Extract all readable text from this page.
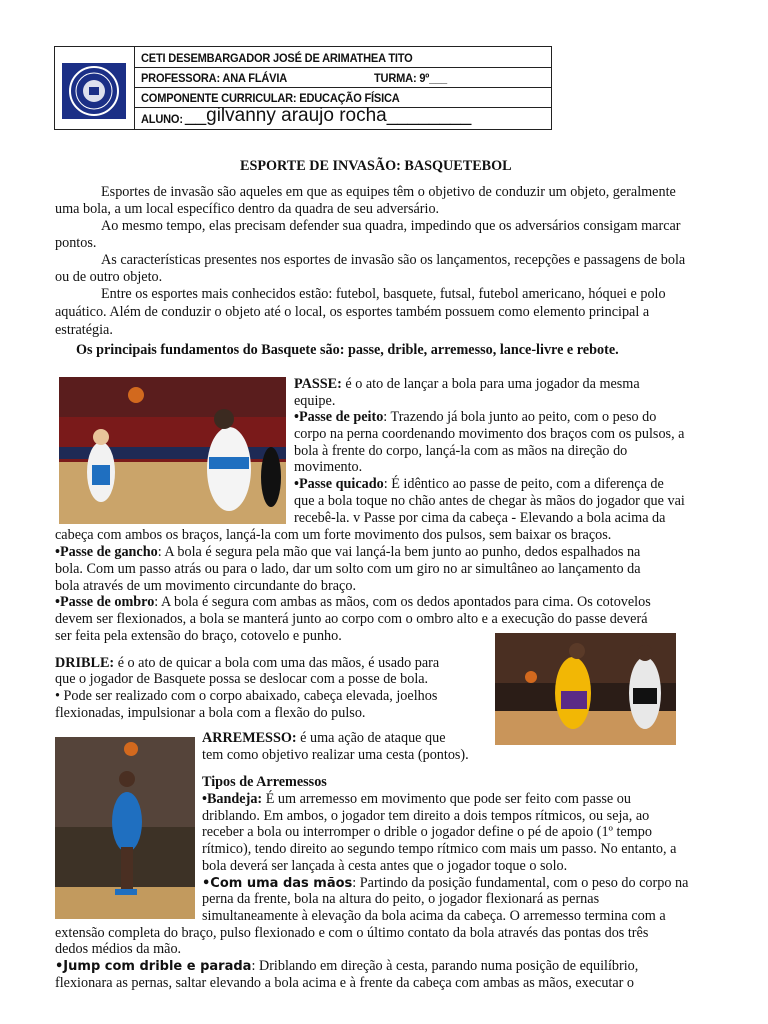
CETI DESEMBARGADOR JOSÉ DE ARIMATHEA TITO
PROFESSORA: ANA FLÁVIA	TURMA: 9º___
COMPONENTE CURRICULAR: EDUCAÇÃO FÍSICA
ALUNO: __gilvanny araujo rocha________
ESPORTE DE INVASÃO: BASQUETEBOL
Esportes de invasão são aqueles em que as equipes têm o objetivo de conduzir um objeto, geralmente
uma bola, a um local específico dentro da quadra de seu adversário.
Ao mesmo tempo, elas precisam defender sua quadra, impedindo que os adversários consigam marcar
pontos.
As características presentes nos esportes de invasão são os lançamentos, recepções e passagens de bola
ou de outro objeto.
Entre os esportes mais conhecidos estão: futebol, basquete, futsal, futebol americano, hóquei e polo
aquático. Além de conduzir o objeto até o local, os esportes também possuem como elemento principal a
estratégia.
Os principais fundamentos do Basquete são: passe, drible, arremesso, lance-livre e rebote.
PASSE: é o ato de lançar a bola para uma jogador da mesma
equipe.
•Passe de peito: Trazendo já bola junto ao peito, com o peso do
corpo na perna coordenando movimento dos braços com os pulsos, a
bola à frente do corpo, lançá-la com as mãos na direção do
movimento.
•Passe quicado: É idêntico ao passe de peito, com a diferença de
que a bola toque no chão antes de chegar às mãos do jogador que vai
recebê-la. v Passe por cima da cabeça - Elevando a bola acima da
cabeça com ambos os braços, lançá-la com um forte movimento dos pulsos, sem baixar os braços.
•Passe de gancho: A bola é segura pela mão que vai lançá-la bem junto ao punho, dedos espalhados na
bola. Com um passo atrás ou para o lado, dar um solto com um giro no ar simultâneo ao lançamento da
bola através de um movimento circundante do braço.
•Passe de ombro: A bola é segura com ambas as mãos, com os dedos apontados para cima. Os cotovelos
devem ser flexionados, a bola se manterá junto ao corpo com o ombro alto e a execução do passe deverá
ser feita pela extensão do braço, cotovelo e punho.
DRIBLE: é o ato de quicar a bola com uma das mãos, é usado para
que o jogador de Basquete possa se deslocar com a posse de bola.
• Pode ser realizado com o corpo abaixado, cabeça elevada, joelhos
flexionadas, impulsionar a bola com a flexão do pulso.
ARREMESSO: é uma ação de ataque que
tem como objetivo realizar uma cesta (pontos).
Tipos de Arremessos
•Bandeja: É um arremesso em movimento que pode ser feito com passe ou
driblando. Em ambos, o jogador tem direito a dois tempos rítmicos, ou seja, ao
receber a bola ou interromper o drible o jogador define o pé de apoio (1º tempo
rítmico), tendo direito ao segundo tempo rítmico com mais um passo. No entanto, a
bola deverá ser lançada à cesta antes que o jogador toque o solo.
•Com uma das mãos: Partindo da posição fundamental, com o peso do corpo na
perna da frente, bola na altura do peito, o jogador flexionará as pernas
simultaneamente à elevação da bola acima da cabeça. O arremesso termina com a
extensão completa do braço, pulso flexionado e com o último contato da bola através das pontas dos três
dedos médios da mão.
•Jump com drible e parada: Driblando em direção à cesta, parando numa posição de equilíbrio,
flexionara as pernas, saltar elevando a bola acima e à frente da cabeça com ambas as mãos, executar o
